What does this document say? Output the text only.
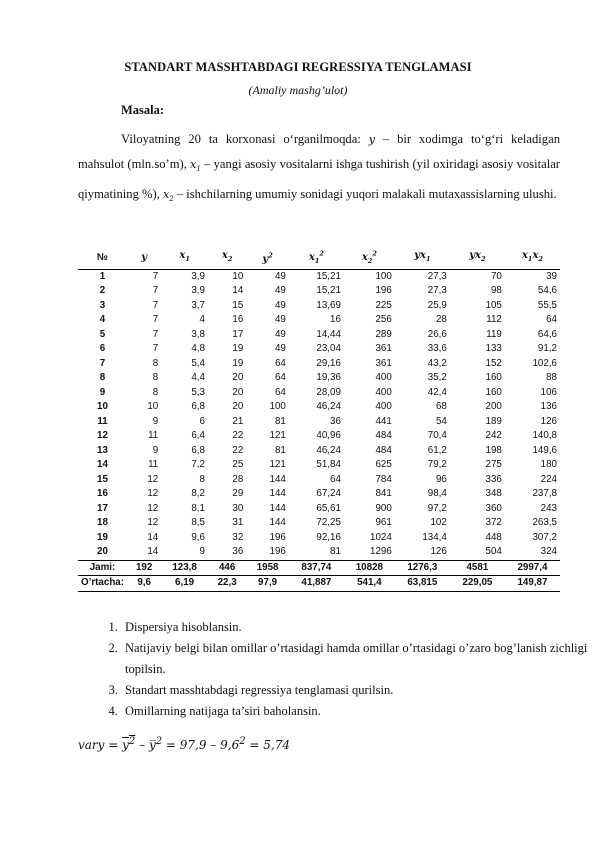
STANDART MASSHTABDAGI REGRESSIYA TENGLAMASI
(Amaliy mashg’ulot)
Masala:
Viloyatning 20 ta korxonasi o‘rganilmoqda: y – bir xodimga to‘g‘ri keladigan mahsulot (mln.so’m), $x_1$ – yangi asosiy vositalarni ishga tushirish (yil oxiridagi asosiy vositalar qiymatining %), $x_2$ – ishchilarning umumiy sonidagi yuqori malakali mutaxassislarning ulushi.
№	y	$x_1$	$x_2$	$y^2$	$x_1^2$	$x_2^2$	$yx_1$	$yx_2$	$x_1x_2$
1	7	3,9	10	49	15,21	100	27,3	70	39
2	7	3,9	14	49	15,21	196	27,3	98	54,6
3	7	3,7	15	49	13,69	225	25,9	105	55,5
4	7	4	16	49	16	256	28	112	64
5	7	3,8	17	49	14,44	289	26,6	119	64,6
6	7	4,8	19	49	23,04	361	33,6	133	91,2
7	8	5,4	19	64	29,16	361	43,2	152	102,6
8	8	4,4	20	64	19,36	400	35,2	160	88
9	8	5,3	20	64	28,09	400	42,4	160	106
10	10	6,8	20	100	46,24	400	68	200	136
11	9	6	21	81	36	441	54	189	126
12	11	6,4	22	121	40,96	484	70,4	242	140,8
13	9	6,8	22	81	46,24	484	61,2	198	149,6
14	11	7,2	25	121	51,84	625	79,2	275	180
15	12	8	28	144	64	784	96	336	224
16	12	8,2	29	144	67,24	841	98,4	348	237,8
17	12	8,1	30	144	65,61	900	97,2	360	243
18	12	8,5	31	144	72,25	961	102	372	263,5
19	14	9,6	32	196	92,16	1024	134,4	448	307,2
20	14	9	36	196	81	1296	126	504	324
Jami:	192	123,8	446	1958	837,74	10828	1276,3	4581	2997,4
O’rtacha:	9,6	6,19	22,3	97,9	41,887	541,4	63,815	229,05	149,87
1. Dispersiya hisoblansin.
2. Natijaviy belgi bilan omillar o’rtasidagi hamda omillar o’rtasidagi o’zaro bog’lanish zichligi topilsin.
3. Standart masshtabdagi regressiya tenglamasi qurilsin.
4. Omillarning natijaga ta’siri baholansin.
vary = $y^2$ – y̅$^2$ = $97,9 - 9,6^2 = 5,74$
